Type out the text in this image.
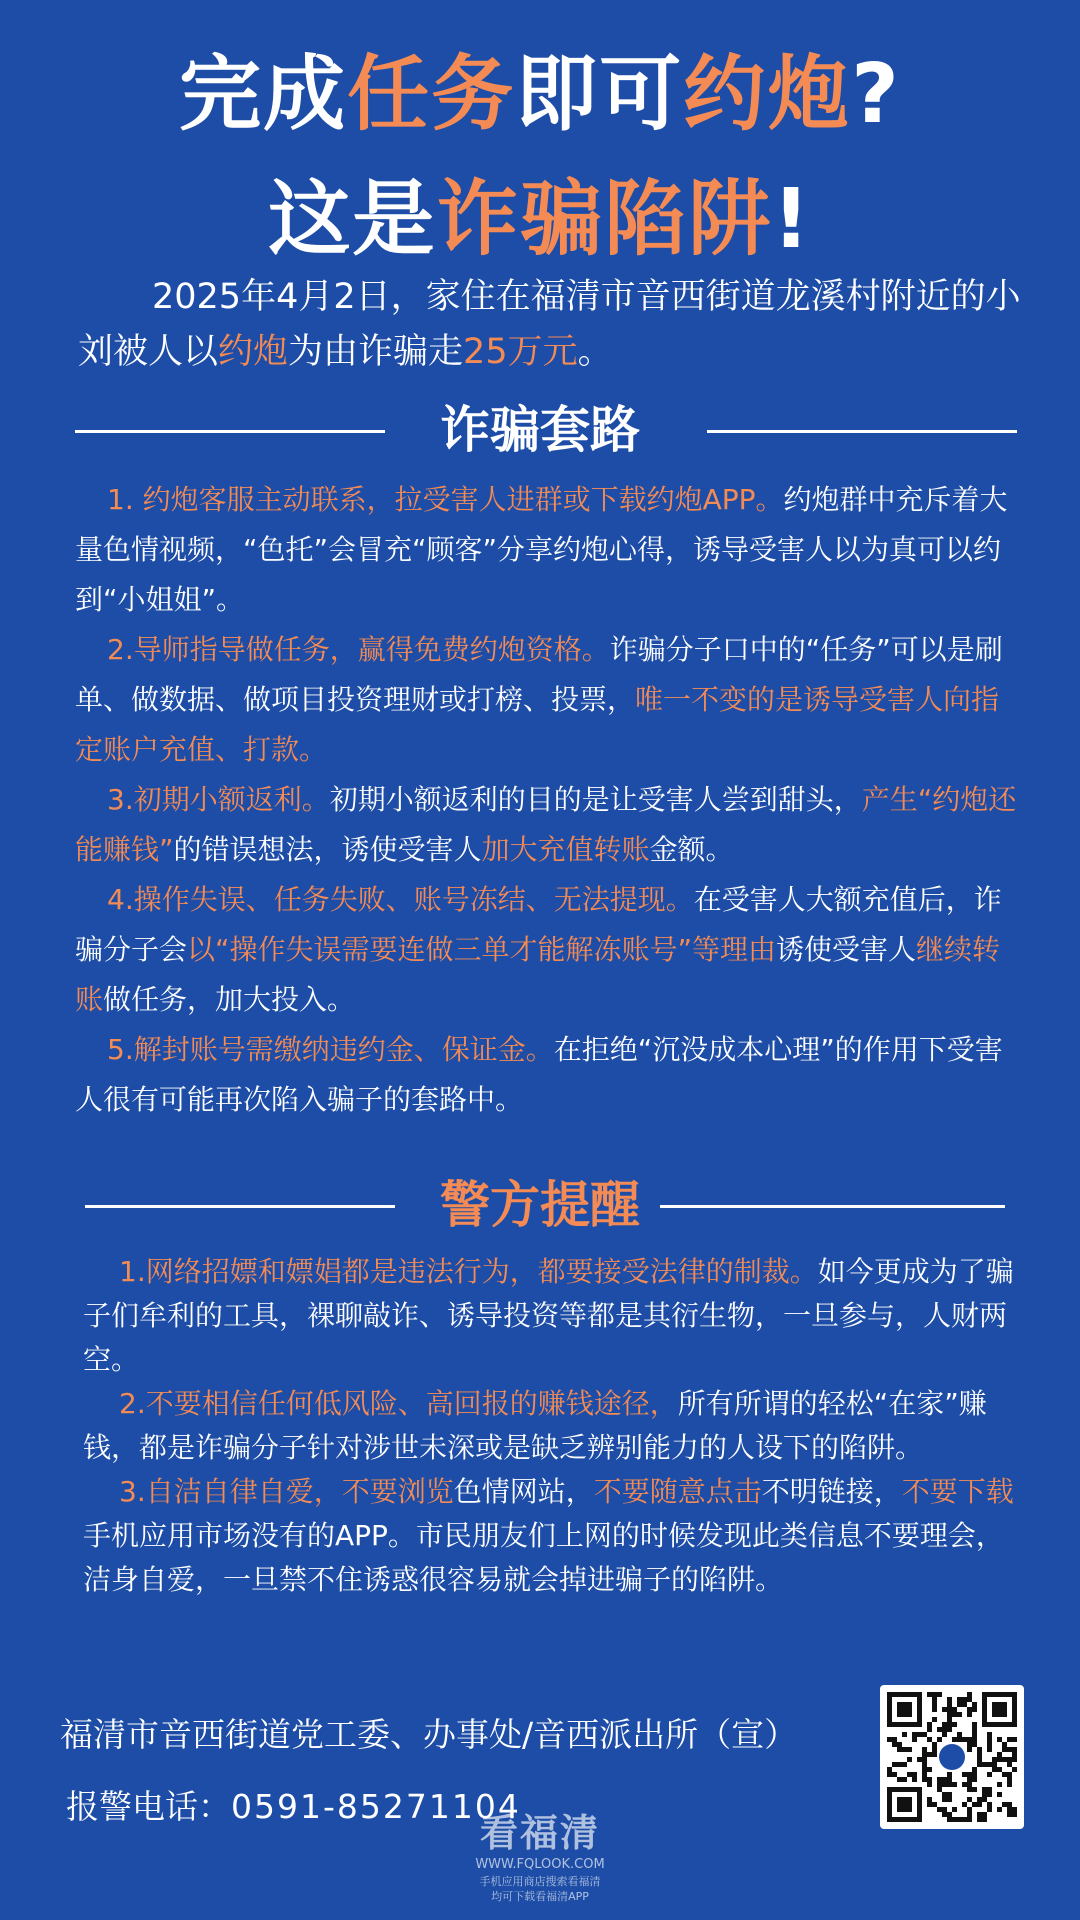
完成任务即可约炮?
这是诈骗陷阱!

2025年4月2日，家住在福清市音西街道龙溪村附近的小刘被人以约炮为由诈骗走25万元。

诈骗套路

1. 约炮客服主动联系，拉受害人进群或下载约炮APP。约炮群中充斥着大量色情视频，“色托”会冒充“顾客”分享约炮心得，诱导受害人以为真可以约到“小姐姐”。

2.导师指导做任务，赢得免费约炮资格。诈骗分子口中的“任务”可以是刷单、做数据、做项目投资理财或打榜、投票，唯一不变的是诱导受害人向指定账户充值、打款。

3.初期小额返利。初期小额返利的目的是让受害人尝到甜头，产生“约炮还能赚钱”的错误想法，诱使受害人加大充值转账金额。

4.操作失误、任务失败、账号冻结、无法提现。在受害人大额充值后，诈骗分子会以“操作失误需要连做三单才能解冻账号”等理由诱使受害人继续转账做任务，加大投入。

5.解封账号需缴纳违约金、保证金。在拒绝“沉没成本心理”的作用下受害人很有可能再次陷入骗子的套路中。

警方提醒

1.网络招嫖和嫖娼都是违法行为，都要接受法律的制裁。如今更成为了骗子们牟利的工具，裸聊敲诈、诱导投资等都是其衍生物，一旦参与，人财两空。

2.不要相信任何低风险、高回报的赚钱途径，所有所谓的轻松“在家”赚钱，都是诈骗分子针对涉世未深或是缺乏辨别能力的人设下的陷阱。

3.自洁自律自爱，不要浏览色情网站，不要随意点击不明链接，不要下载手机应用市场没有的APP。市民朋友们上网的时候发现此类信息不要理会，洁身自爱，一旦禁不住诱惑很容易就会掉进骗子的陷阱。

福清市音西街道党工委、办事处/音西派出所（宣）
报警电话：0591-85271104
看福清
WWW.FQLOOK.COM
手机应用商店搜索看福清
均可下载看福清APP
